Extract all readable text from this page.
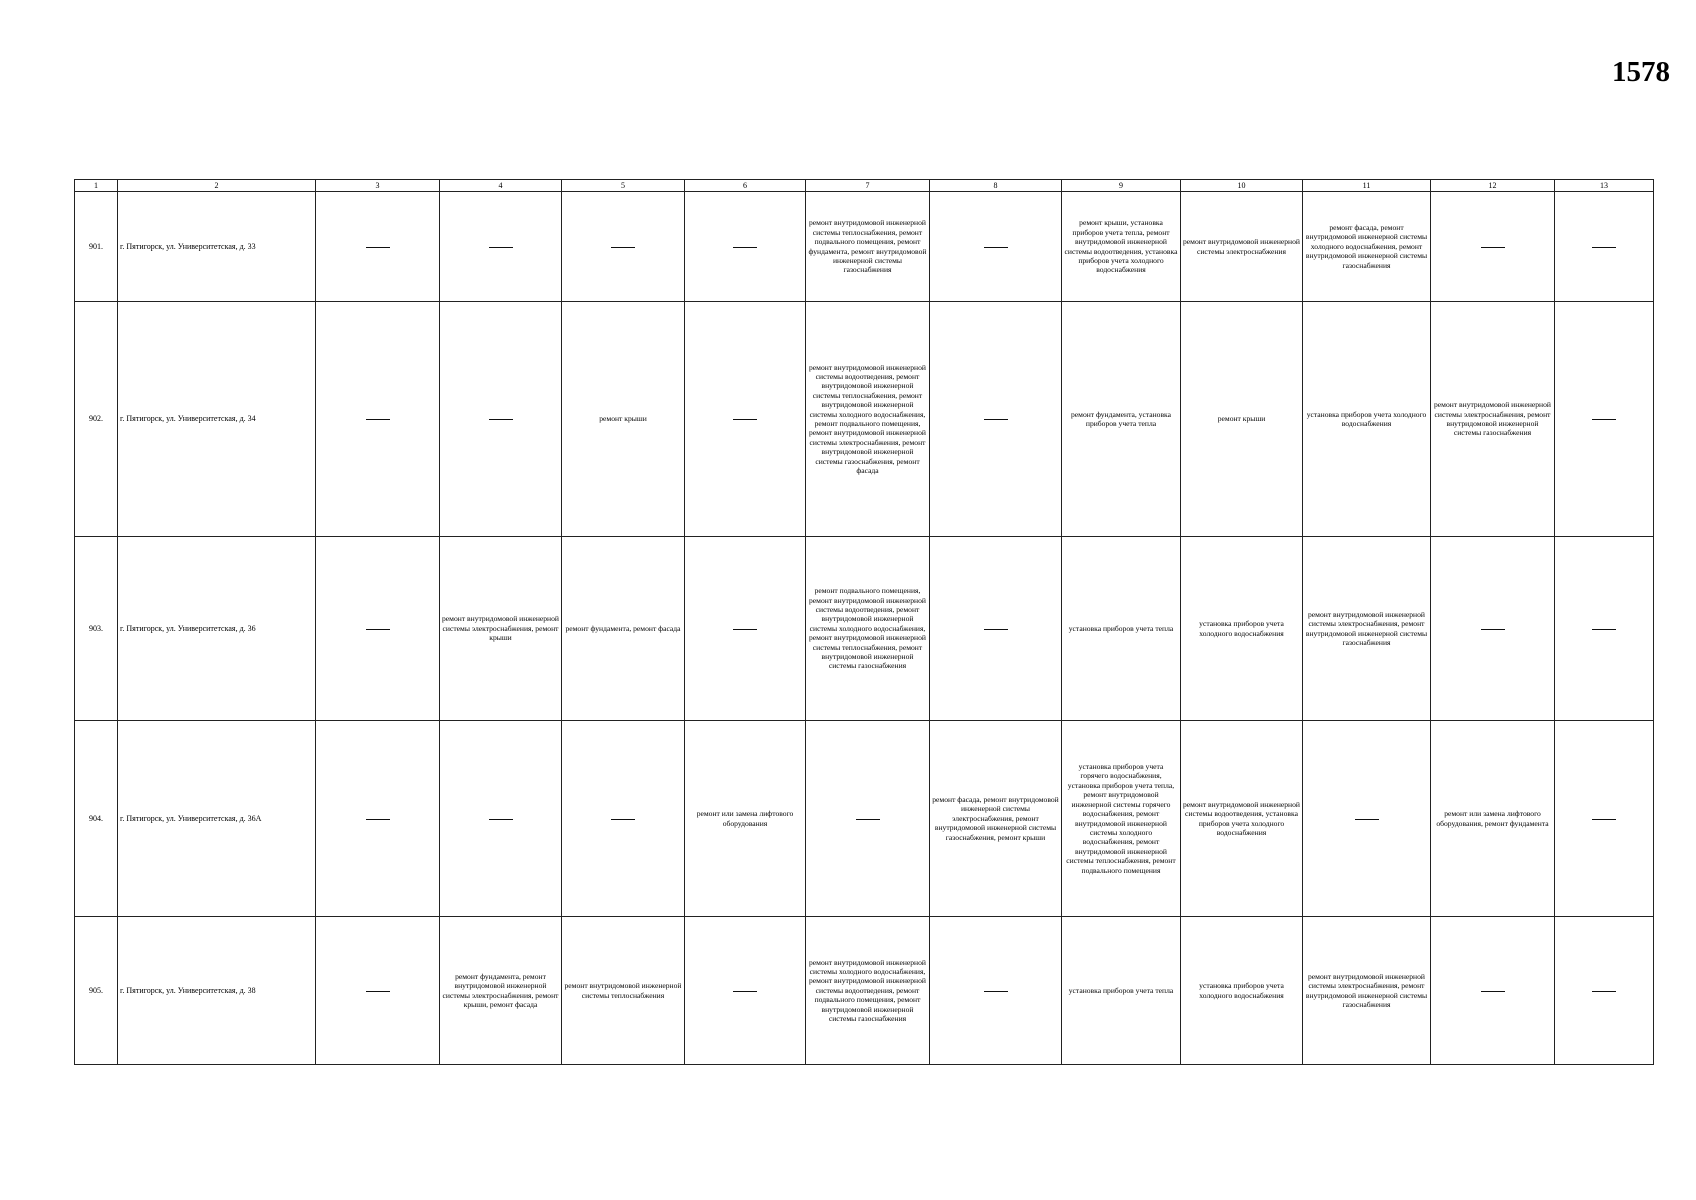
1578
1	2	3	4	5	6	7	8	9	10	11	12	13
901.	г. Пятигорск, ул. Университетская, д. 33					ремонт внутридомовой инженерной системы теплоснабжения, ремонт подвального помещения, ремонт фундамента, ремонт внутридомовой инженерной системы газоснабжения		ремонт крыши, установка приборов учета тепла, ремонт внутридомовой инженерной системы водоотведения, установка приборов учета холодного водоснабжения	ремонт внутридомовой инженерной системы электроснабжения	ремонт фасада, ремонт внутридомовой инженерной системы холодного водоснабжения, ремонт внутридомовой инженерной системы газоснабжения		
902.	г. Пятигорск, ул. Университетская, д. 34			ремонт крыши		ремонт внутридомовой инженерной системы водоотведения, ремонт внутридомовой инженерной системы теплоснабжения, ремонт внутридомовой инженерной системы холодного водоснабжения, ремонт подвального помещения, ремонт внутридомовой инженерной системы электроснабжения, ремонт внутридомовой инженерной системы газоснабжения, ремонт фасада		ремонт фундамента, установка приборов учета тепла	ремонт крыши	установка приборов учета холодного водоснабжения	ремонт внутридомовой инженерной системы электроснабжения, ремонт внутридомовой инженерной системы газоснабжения	
903.	г. Пятигорск, ул. Университетская, д. 36		ремонт внутридомовой инженерной системы электроснабжения, ремонт крыши	ремонт фундамента, ремонт фасада		ремонт подвального помещения, ремонт внутридомовой инженерной системы водоотведения, ремонт внутридомовой инженерной системы холодного водоснабжения, ремонт внутридомовой инженерной системы теплоснабжения, ремонт внутридомовой инженерной системы газоснабжения		установка приборов учета тепла	установка приборов учета холодного водоснабжения	ремонт внутридомовой инженерной системы электроснабжения, ремонт внутридомовой инженерной системы газоснабжения		
904.	г. Пятигорск, ул. Университетская, д. 36А				ремонт или замена лифтового оборудования		ремонт фасада, ремонт внутридомовой инженерной системы электроснабжения, ремонт внутридомовой инженерной системы газоснабжения, ремонт крыши	установка приборов учета горячего водоснабжения, установка приборов учета тепла, ремонт внутридомовой инженерной системы горячего водоснабжения, ремонт внутридомовой инженерной системы холодного водоснабжения, ремонт внутридомовой инженерной системы теплоснабжения, ремонт подвального помещения	ремонт внутридомовой инженерной системы водоотведения, установка приборов учета холодного водоснабжения		ремонт или замена лифтового оборудования, ремонт фундамента	
905.	г. Пятигорск, ул. Университетская, д. 38		ремонт фундамента, ремонт внутридомовой инженерной системы электроснабжения, ремонт крыши, ремонт фасада	ремонт внутридомовой инженерной системы теплоснабжения		ремонт внутридомовой инженерной системы холодного водоснабжения, ремонт внутридомовой инженерной системы водоотведения, ремонт подвального помещения, ремонт внутридомовой инженерной системы газоснабжения		установка приборов учета тепла	установка приборов учета холодного водоснабжения	ремонт внутридомовой инженерной системы электроснабжения, ремонт внутридомовой инженерной системы газоснабжения		
